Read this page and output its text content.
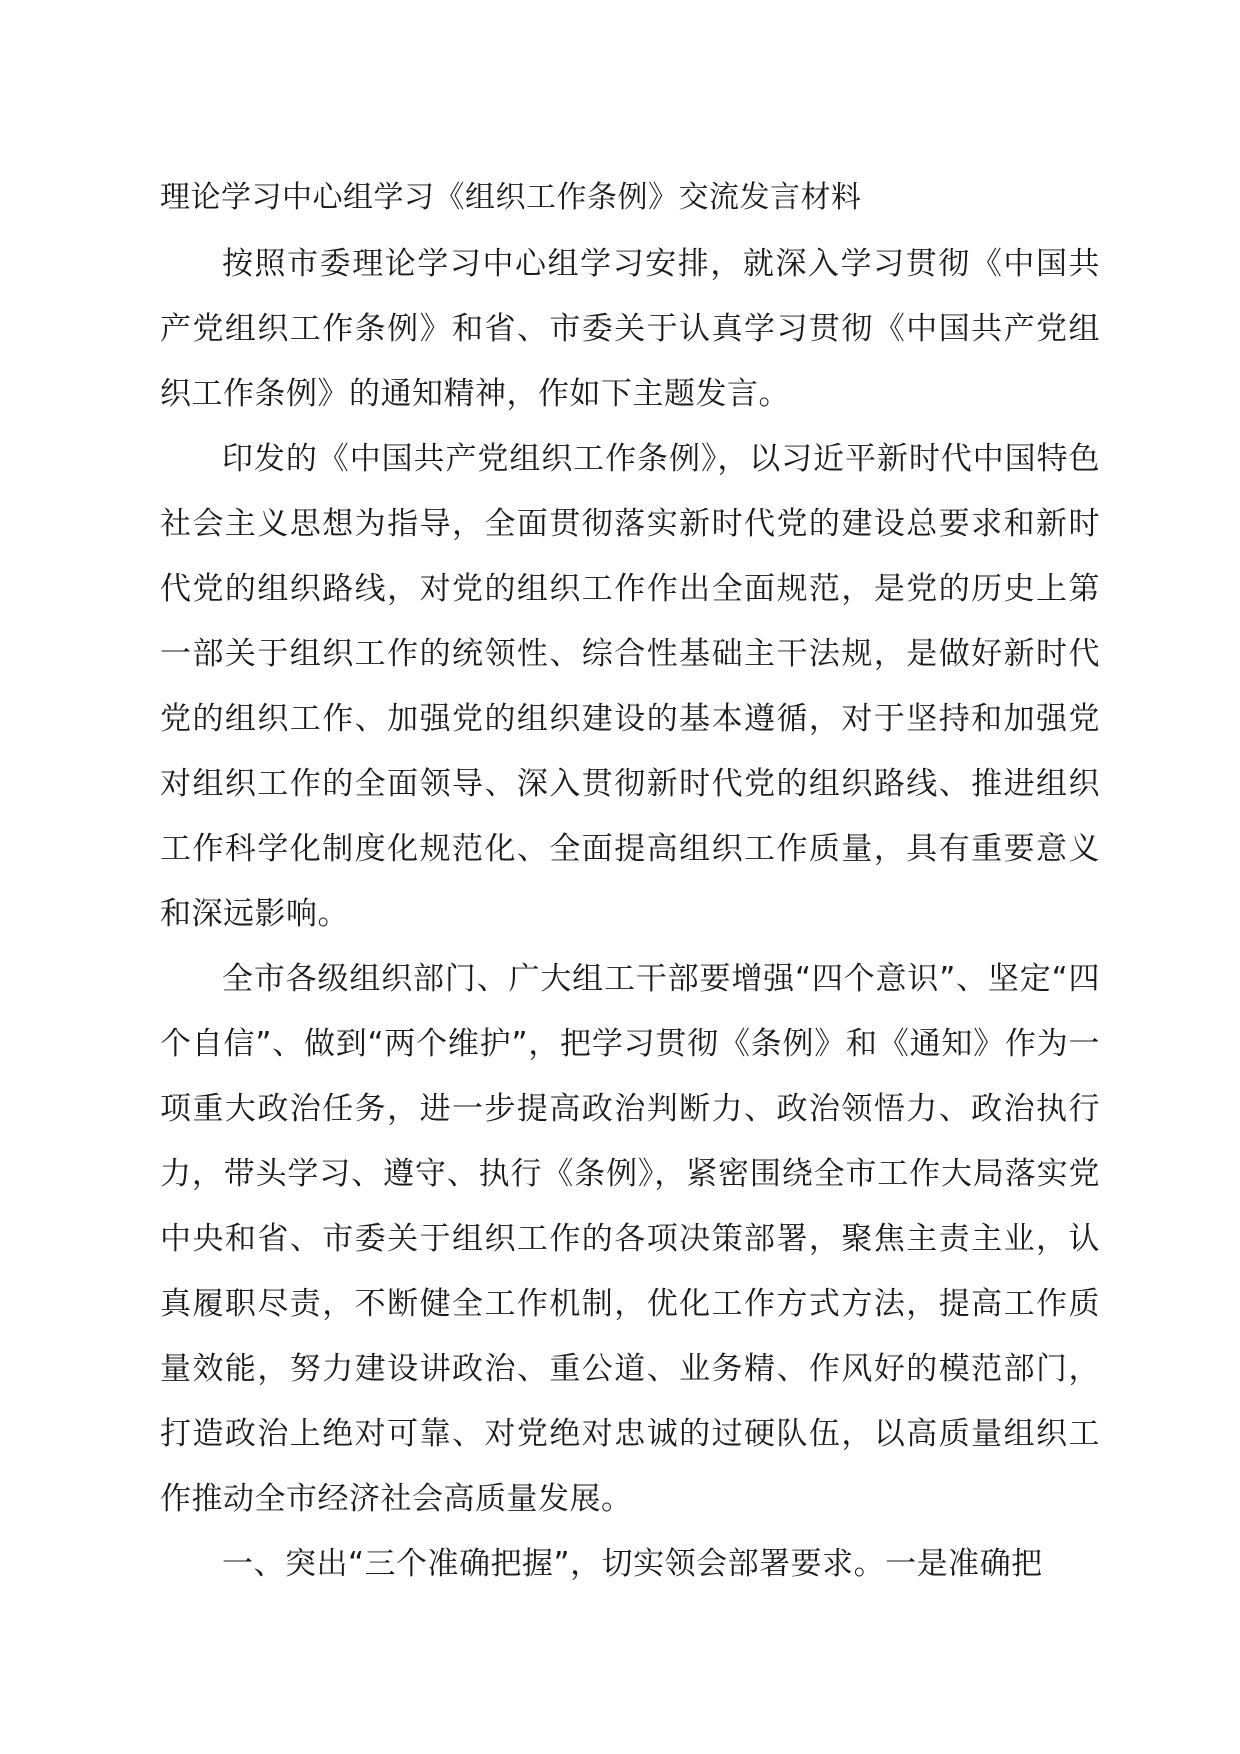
理论学习中心组学习《组织工作条例》交流发言材料

按照市委理论学习中心组学习安排，就深入学习贯彻《中国共产党组织工作条例》和省、市委关于认真学习贯彻《中国共产党组织工作条例》的通知精神，作如下主题发言。

印发的《中国共产党组织工作条例》，以习近平新时代中国特色社会主义思想为指导，全面贯彻落实新时代党的建设总要求和新时代党的组织路线，对党的组织工作作出全面规范，是党的历史上第一部关于组织工作的统领性、综合性基础主干法规，是做好新时代党的组织工作、加强党的组织建设的基本遵循，对于坚持和加强党对组织工作的全面领导、深入贯彻新时代党的组织路线、推进组织工作科学化制度化规范化、全面提高组织工作质量，具有重要意义和深远影响。

全市各级组织部门、广大组工干部要增强“四个意识”、坚定“四个自信”、做到“两个维护”，把学习贯彻《条例》和《通知》作为一项重大政治任务，进一步提高政治判断力、政治领悟力、政治执行力，带头学习、遵守、执行《条例》，紧密围绕全市工作大局落实党中央和省、市委关于组织工作的各项决策部署，聚焦主责主业，认真履职尽责，不断健全工作机制，优化工作方式方法，提高工作质量效能，努力建设讲政治、重公道、业务精、作风好的模范部门，打造政治上绝对可靠、对党绝对忠诚的过硬队伍，以高质量组织工作推动全市经济社会高质量发展。

一、突出“三个准确把握”，切实领会部署要求。一是准确把
